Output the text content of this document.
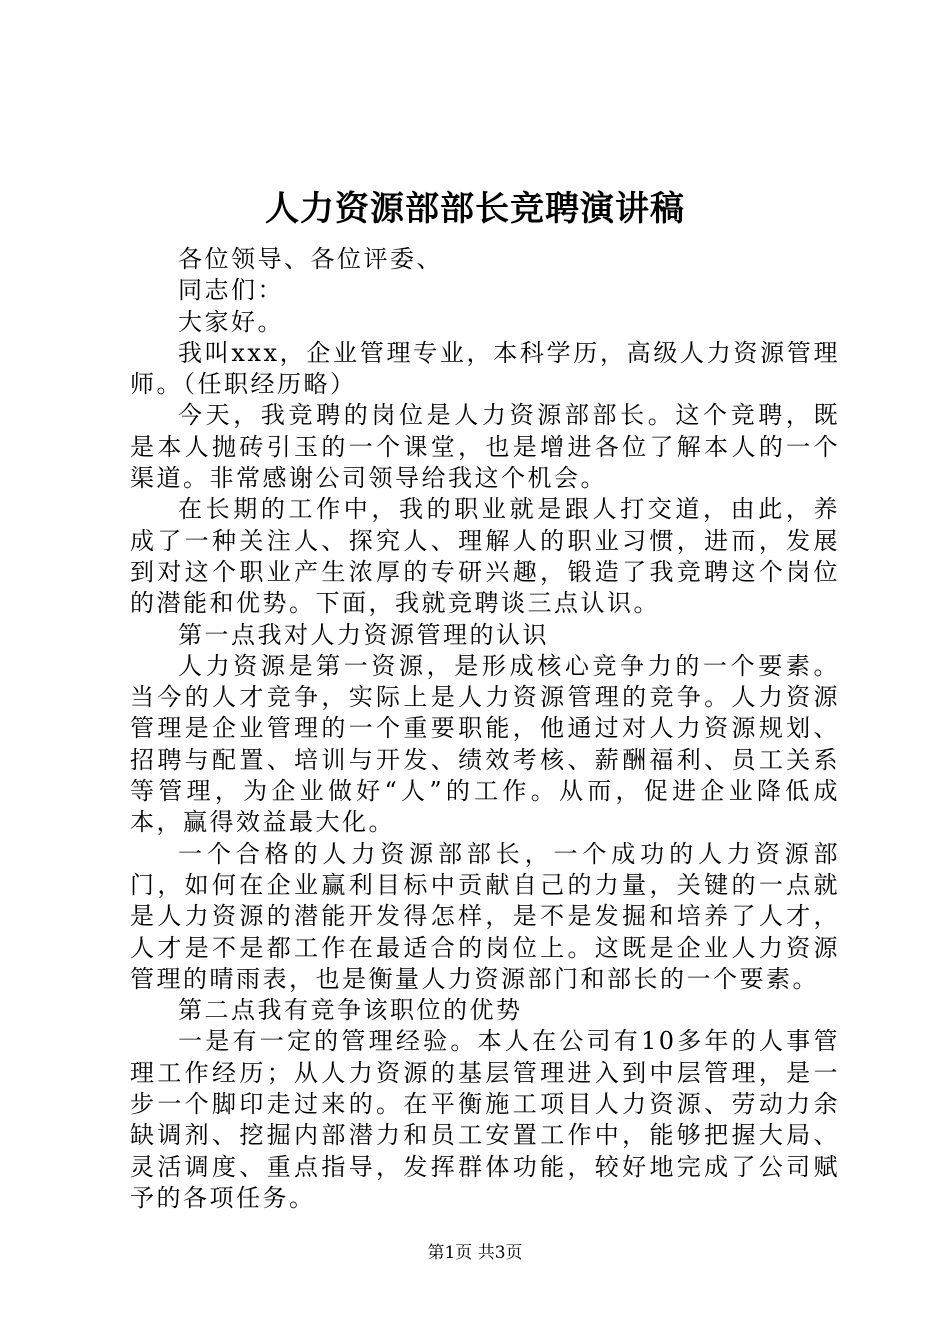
人力资源部部长竞聘演讲稿

各位领导、各位评委、

同志们：

大家好。

我叫xxx，企业管理专业，本科学历，高级人力资源管理师。（任职经历略）

今天，我竞聘的岗位是人力资源部部长。这个竞聘，既是本人抛砖引玉的一个课堂，也是增进各位了解本人的一个渠道。非常感谢公司领导给我这个机会。

在长期的工作中，我的职业就是跟人打交道，由此，养成了一种关注人、探究人、理解人的职业习惯，进而，发展到对这个职业产生浓厚的专研兴趣，锻造了我竞聘这个岗位的潜能和优势。下面，我就竞聘谈三点认识。

第一点我对人力资源管理的认识

人力资源是第一资源，是形成核心竞争力的一个要素。当今的人才竞争，实际上是人力资源管理的竞争。人力资源管理是企业管理的一个重要职能，他通过对人力资源规划、招聘与配置、培训与开发、绩效考核、薪酬福利、员工关系等管理，为企业做好“人”的工作。从而，促进企业降低成本，赢得效益最大化。

一个合格的人力资源部部长，一个成功的人力资源部门，如何在企业赢利目标中贡献自己的力量，关键的一点就是人力资源的潜能开发得怎样，是不是发掘和培养了人才，人才是不是都工作在最适合的岗位上。这既是企业人力资源管理的晴雨表，也是衡量人力资源部门和部长的一个要素。

第二点我有竞争该职位的优势

一是有一定的管理经验。本人在公司有10多年的人事管理工作经历；从人力资源的基层管理进入到中层管理，是一步一个脚印走过来的。在平衡施工项目人力资源、劳动力余缺调剂、挖掘内部潜力和员工安置工作中，能够把握大局、灵活调度、重点指导，发挥群体功能，较好地完成了公司赋予的各项任务。

第1页 共3页
